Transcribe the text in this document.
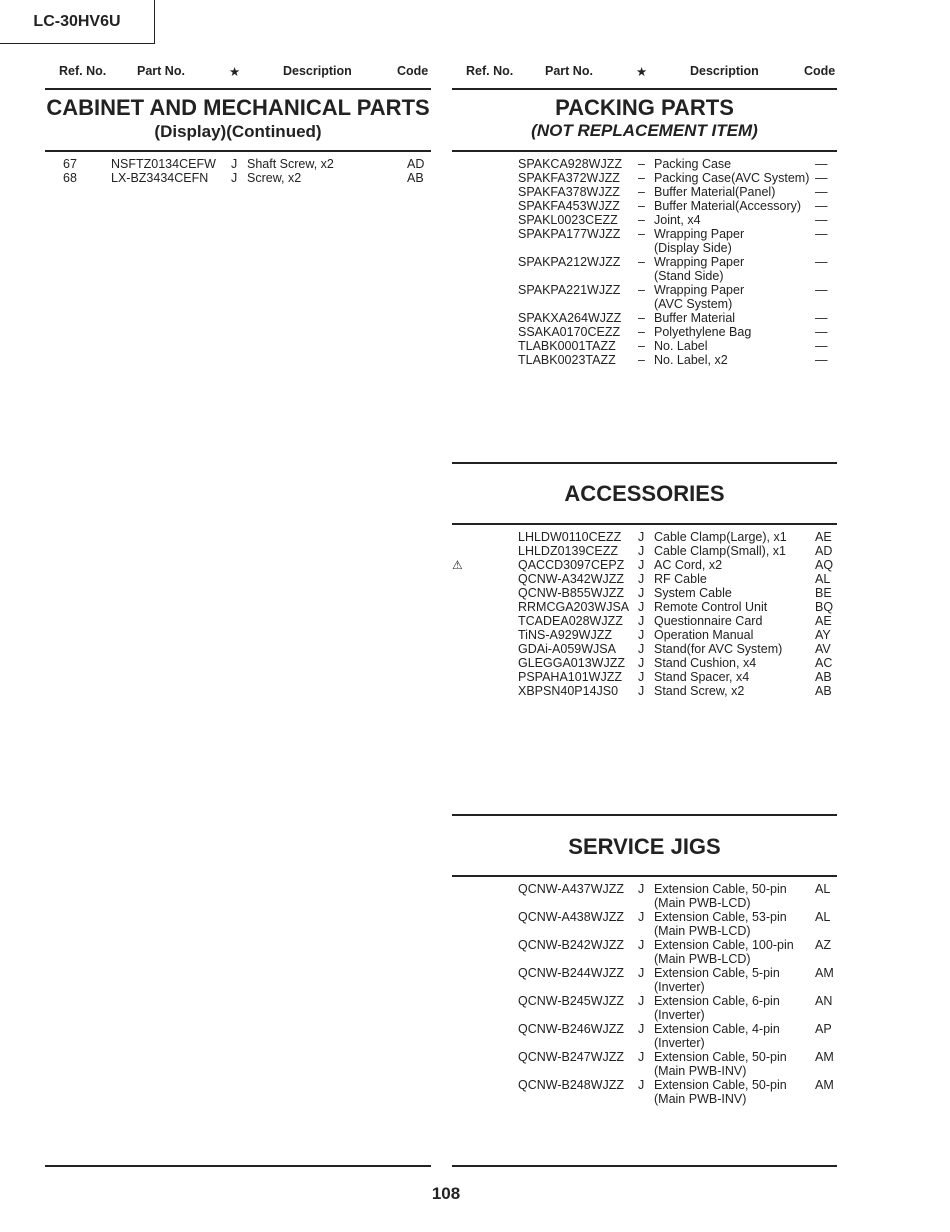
LC-30HV6U
Ref. No. Part No.	★	Description	Code	Ref. No.	Part No.	★	Description	Code
CABINET AND MECHANICAL PARTS
(Display)(Continued)
67	NSFTZ0134CEFW J Shaft Screw, x2	AD
68	LX-BZ3434CEFN J Screw, x2	AB
PACKING PARTS
(NOT REPLACEMENT ITEM)
SPAKCA928WJZZ – Packing Case	—
SPAKFA372WJZZ – Packing Case(AVC System) —
SPAKFA378WJZZ – Buffer Material(Panel)	—
SPAKFA453WJZZ – Buffer Material(Accessory) —
SPAKL0023CEZZ – Joint, x4	—
SPAKPA177WJZZ – Wrapping Paper
(Display Side)
—
SPAKPA212WJZZ – Wrapping Paper
(Stand Side)
—
SPAKPA221WJZZ – Wrapping Paper
(AVC System)
—
SPAKXA264WJZZ – Buffer Material	—
SSAKA0170CEZZ – Polyethylene Bag	—
TLABK0001TAZZ – No. Label	—
TLABK0023TAZZ – No. Label, x2	—
ACCESSORIES
LHLDW0110CEZZ J Cable Clamp(Large), x1 AE
LHLDZ0139CEZZ J Cable Clamp(Small), x1 AD
QACCD3097CEPZ J AC Cord, x2	AQ
QCNW-A342WJZZ J RF Cable	AL
QCNW-B855WJZZ J System Cable	BE
RRMCGA203WJSA J Remote Control Unit	BQ
TCADEA028WJZZ J Questionnaire Card	AE
TiNS-A929WJZZ J Operation Manual	AY
GDAi-A059WJSA J Stand(for AVC System)	AV
GLEGGA013WJZZ J Stand Cushion, x4	AC
PSPAHA101WJZZ J Stand Spacer, x4	AB
XBPSN40P14JS0 J Stand Screw, x2	AB
⚠
SERVICE JIGS
QCNW-A437WJZZ J Extension Cable, 50-pin
(Main PWB-LCD)
AL
QCNW-A438WJZZ J Extension Cable, 53-pin
(Main PWB-LCD)
AL
QCNW-B242WJZZ J Extension Cable, 100-pin
(Main PWB-LCD)
AZ
QCNW-B244WJZZ J Extension Cable, 5-pin
(Inverter)
AM
QCNW-B245WJZZ J Extension Cable, 6-pin
(Inverter)
AN
QCNW-B246WJZZ J Extension Cable, 4-pin
(Inverter)
AP
QCNW-B247WJZZ J Extension Cable, 50-pin
(Main PWB-INV)
AM
QCNW-B248WJZZ J Extension Cable, 50-pin
(Main PWB-INV)
AM
108
